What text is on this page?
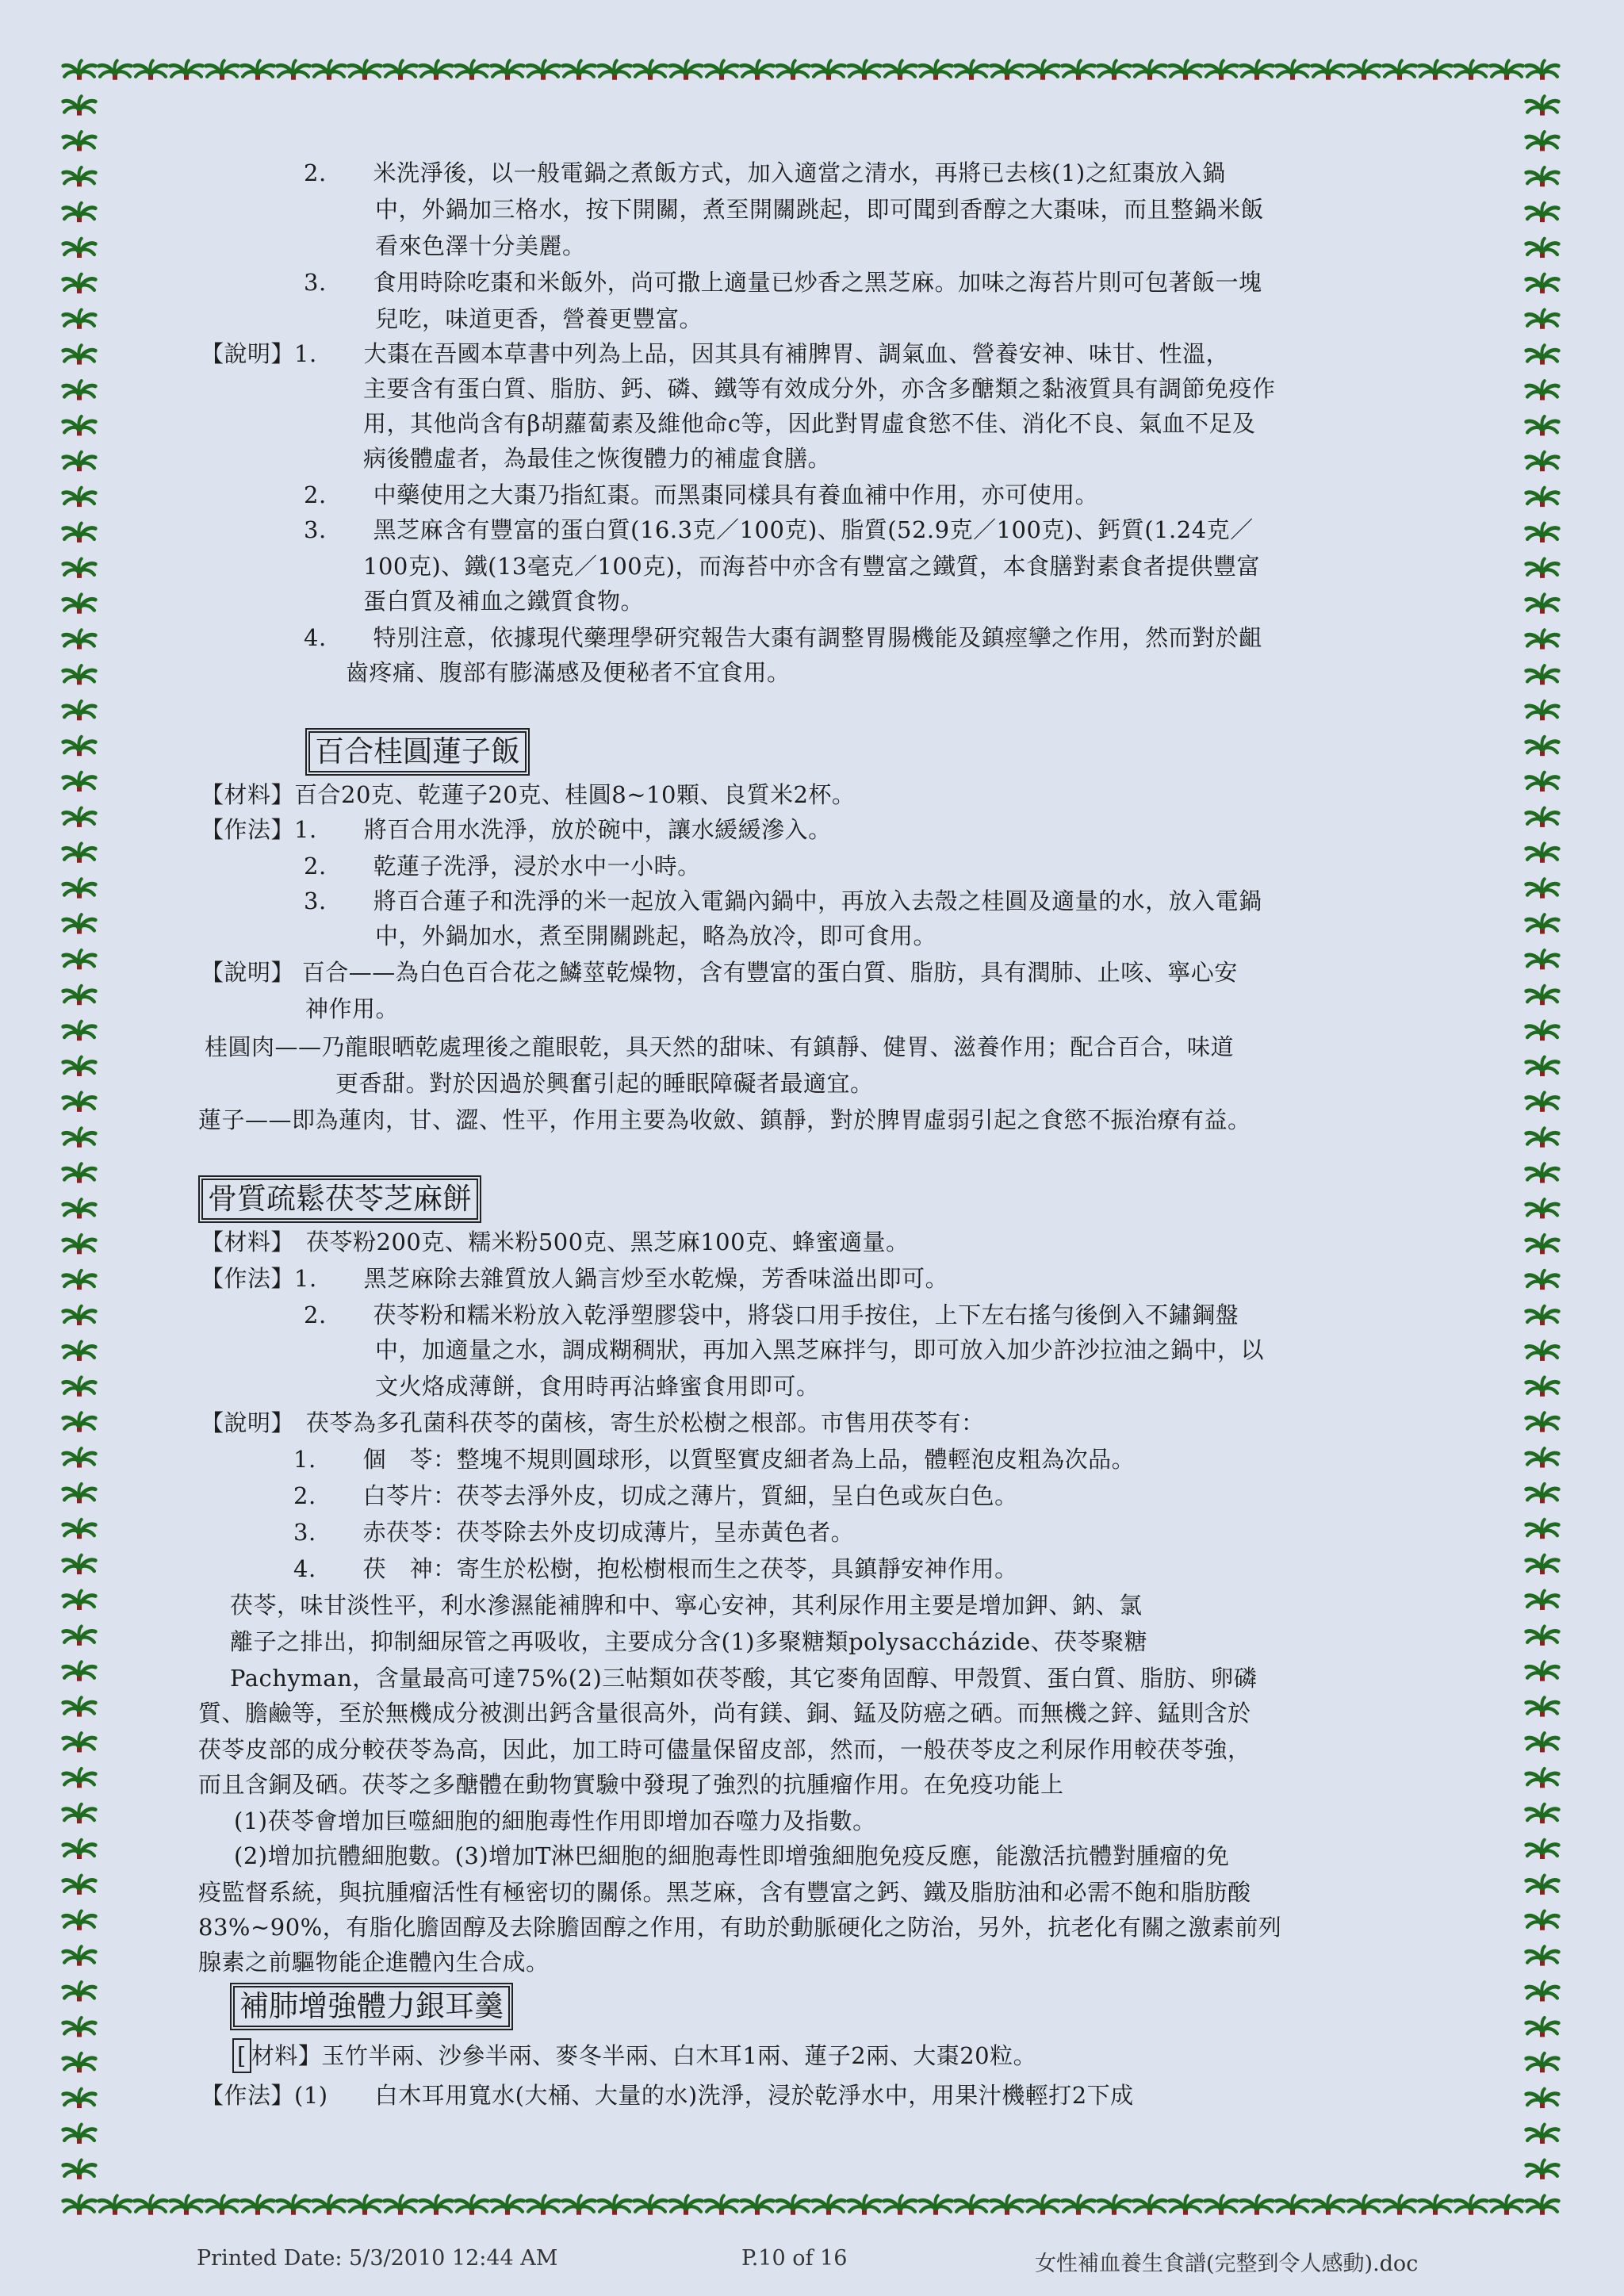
2.　　米洗淨後，以一般電鍋之煮飯方式，加入適當之清水，再將已去核(1)之紅棗放入鍋
中，外鍋加三格水，按下開關，煮至開關跳起，即可聞到香醇之大棗味，而且整鍋米飯
看來色澤十分美麗。
3.　　食用時除吃棗和米飯外，尚可撒上適量已炒香之黑芝麻。加味之海苔片則可包著飯一塊
兒吃，味道更香，營養更豐富。
【說明】1.　　大棗在吾國本草書中列為上品，因其具有補脾胃、調氣血、營養安神、味甘、性溫，
主要含有蛋白質、脂肪、鈣、磷、鐵等有效成分外，亦含多醣類之黏液質具有調節免疫作
用，其他尚含有β胡蘿蔔素及維他命c等，因此對胃虛食慾不佳、消化不良、氣血不足及
病後體虛者，為最佳之恢復體力的補虛食膳。
2.　　中藥使用之大棗乃指紅棗。而黑棗同樣具有養血補中作用，亦可使用。
3.　　黑芝麻含有豐富的蛋白質(16.3克／100克)、脂質(52.9克／100克)、鈣質(1.24克／
100克)、鐵(13毫克／100克)，而海苔中亦含有豐富之鐵質，本食膳對素食者提供豐富
蛋白質及補血之鐵質食物。
4.　　特別注意，依據現代藥理學研究報告大棗有調整胃腸機能及鎮痙攣之作用，然而對於齟
齒疼痛、腹部有膨滿感及便秘者不宜食用。
百合桂圓蓮子飯
【材料】百合20克、乾蓮子20克、桂圓8~10顆、良質米2杯。
【作法】1.　　將百合用水洗淨，放於碗中，讓水緩緩滲入。
2.　　乾蓮子洗淨，浸於水中一小時。
3.　　將百合蓮子和洗淨的米一起放入電鍋內鍋中，再放入去殼之桂圓及適量的水，放入電鍋
中，外鍋加水，煮至開關跳起，略為放冷，即可食用。
【說明】 百合——為白色百合花之鱗莖乾燥物，含有豐富的蛋白質、脂肪，具有潤肺、止咳、寧心安
神作用。
桂圓肉——乃龍眼晒乾處理後之龍眼乾，具天然的甜味、有鎮靜、健胃、滋養作用；配合百合，味道
更香甜。對於因過於興奮引起的睡眠障礙者最適宜。
蓮子——即為蓮肉，甘、澀、性平，作用主要為收斂、鎮靜，對於脾胃虛弱引起之食慾不振治療有益。
骨質疏鬆茯苓芝麻餅
【材料】　茯苓粉200克、糯米粉500克、黑芝麻100克、蜂蜜適量。
【作法】1.　　黑芝麻除去雜質放人鍋言炒至水乾燥，芳香味溢出即可。
2.　　茯苓粉和糯米粉放入乾淨塑膠袋中，將袋口用手按住，上下左右搖勻後倒入不鏽鋼盤
中，加適量之水，調成糊稠狀，再加入黑芝麻拌勻，即可放入加少許沙拉油之鍋中，以
文火烙成薄餅，食用時再沾蜂蜜食用即可。
【說明】　茯苓為多孔菌科茯苓的菌核，寄生於松樹之根部。市售用茯苓有：
1.　　個　苓：整塊不規則圓球形，以質堅實皮細者為上品，體輕泡皮粗為次品。
2.　　白苓片：茯苓去淨外皮，切成之薄片，質細，呈白色或灰白色。
3.　　赤茯苓：茯苓除去外皮切成薄片，呈赤黃色者。
4.　　茯　神：寄生於松樹，抱松樹根而生之茯苓，具鎮靜安神作用。
茯苓，味甘淡性平，利水滲濕能補脾和中、寧心安神，其利尿作用主要是增加鉀、鈉、氯
離子之排出，抑制細尿管之再吸收，主要成分含(1)多聚糖類polysaccházide、茯苓聚糖
Pachyman，含量最高可達75%(2)三帖類如茯苓酸，其它麥角固醇、甲殼質、蛋白質、脂肪、卵磷
質、膽鹼等，至於無機成分被測出鈣含量很高外，尚有鎂、銅、錳及防癌之硒。而無機之鋅、錳則含於
茯苓皮部的成分較茯苓為高，因此，加工時可儘量保留皮部，然而，一般茯苓皮之利尿作用較茯苓強，
而且含銅及硒。茯苓之多醣體在動物實驗中發現了強烈的抗腫瘤作用。在免疫功能上
(1)茯苓會增加巨噬細胞的細胞毒性作用即增加吞噬力及指數。
(2)增加抗體細胞數。(3)增加T淋巴細胞的細胞毒性即增強細胞免疫反應，能激活抗體對腫瘤的免
疫監督系統，與抗腫瘤活性有極密切的關係。黑芝麻，含有豐富之鈣、鐵及脂肪油和必需不飽和脂肪酸
83%~90%，有脂化膽固醇及去除膽固醇之作用，有助於動脈硬化之防治，另外，抗老化有關之激素前列
腺素之前驅物能企進體內生合成。
補肺增強體力銀耳羹
[ 材料】玉竹半兩、沙參半兩、麥冬半兩、白木耳1兩、蓮子2兩、大棗20粒。
【作法】(1)　　白木耳用寬水(大桶、大量的水)洗淨，浸於乾淨水中，用果汁機輕打2下成
Printed Date: 5/3/2010 12:44 AM	P.10 of 16	女性補血養生食譜(完整到令人感動).doc
